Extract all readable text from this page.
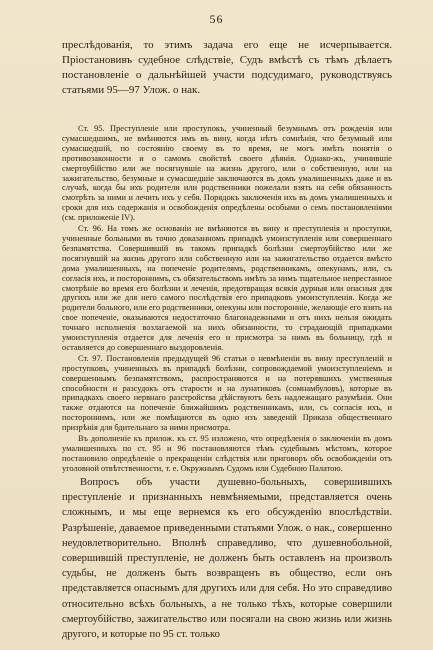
56

преслѣдованія, то этимъ задача его еще не исчерпывается. Пріостановивъ судебное слѣдствіе, Судъ вмѣстѣ съ тѣмъ дѣлаетъ постановленіе о дальнѣйшей участи подсудимаго, руководствуясь статьями 95—97 Улож. о нак.

Ст. 95. Преступленіе или проступокъ, учиненный безумнымъ отъ рожденія или сумасшедшимъ, не вмѣняются имъ въ вину, когда нѣтъ сомнѣнія, что безумный или сумасшедшій, по состоянію своему въ то время, не могъ имѣть понятія о противозаконности и о самомъ свойствѣ своего дѣянія. Однако-жъ, учинившіе смертоубійство или же посягнувшіе на жизнь другого, или о собственную, или на зажигательство, безумные и сумасшедшіе заключаются въ домъ умалишенныхъ даже и въ случаѣ, когда бы ихъ родители или родственники пожелали взять на себя обязанность смотрѣть за ними и лечить ихъ у себя. Порядокъ заключенія ихъ въ домъ умалишенныхъ и сроки для ихъ содержанія и освобожденія опредѣлены особыми о семъ постановленіями (см. приложеніе IV).

Ст. 96. На томъ же основаніи не вмѣняются въ вину и преступленія и проступки, учиненные больными въ точно доказанномъ припадкѣ умоизступленія или совершеннаго безпамятства. Совершившій въ такомъ припадкѣ болѣзни смертоубійство или же посягнувшій на жизнь другого или собственную или на зажигательство отдается вмѣсто дома умалишенныхъ, на попеченіе родителямъ, родственникамъ, опекунамъ, или, съ согласія ихъ, и постороннимъ, съ обязательствомъ имѣть за нимъ тщательное непрестанное смотрѣніе во время его болѣзни и леченія, предотвращая всякія дурныя или опасныя для другихъ или же для него самого послѣдствія его припадковъ умоизступленія. Когда же родители больного, или его родственники, опекуны или посторонніе, желающіе его взять на свое попеченіе, оказываются недостаточно благонадежными и отъ нихъ нельзя ожидать точнаго исполненія возлагаемой на нихъ обязанности, то страдающій припадками умоизступленія отдается для леченія его и присмотра за нимъ въ больницу, гдѣ и оставляется до совершеннаго выздоровленія.

Ст. 97. Постановленія предыдущей 96 статьи о невмѣненіи въ вину преступленій и проступковъ, учиненныхъ въ припадкѣ болѣзни, сопровождаемой умоизступленіемъ и совершеннымъ безпамятствомъ, распространяются и на потерявшихъ умственныя способности и разсудокъ отъ старости и на лунатиковъ (сомнамбуловъ), которые въ припадкахъ своего нервнаго разстройства дѣйствуютъ безъ надлежащаго разумѣнія. Они также отдаются на попеченіе ближайшимъ родственникамъ, или, съ согласія ихъ, и постороннимъ, или же помѣщаются въ одно изъ заведеній Приказа общественнаго призрѣнія для бдительнаго за ними присмотра.

Въ дополненіе къ прилож. къ ст. 95 изложено, что опредѣленія о заключеніи въ домъ умалишенныхъ по ст. 95 и 96 постановляются тѣмъ судебнымъ мѣстомъ, которое постановило опредѣленіе о прекращеніи слѣдствія или приговоръ объ освобожденіи отъ уголовной отвѣтственности, т. е. Окружнымъ Судомъ или Судебною Палатою.

Вопросъ объ участи душевно-больныхъ, совершившихъ преступленіе и признанныхъ невмѣняемыми, представляется очень сложнымъ, и мы еще вернемся къ его обсужденію впослѣдствіи. Разрѣшеніе, даваемое приведенными статьями Улож. о нак., совершенно неудовлетворительно. Вполнѣ справедливо, что душевнобольной, совершившій преступленіе, не долженъ быть оставленъ на произволъ судьбы, не долженъ быть возвращенъ въ общество, если онъ представляется опаснымъ для другихъ или для себя. Но это справедливо относительно всѣхъ больныхъ, а не только тѣхъ, которые совершили смертоубійство, зажигательство или посягали на свою жизнь или жизнь другого, и которые по 95 ст. только
